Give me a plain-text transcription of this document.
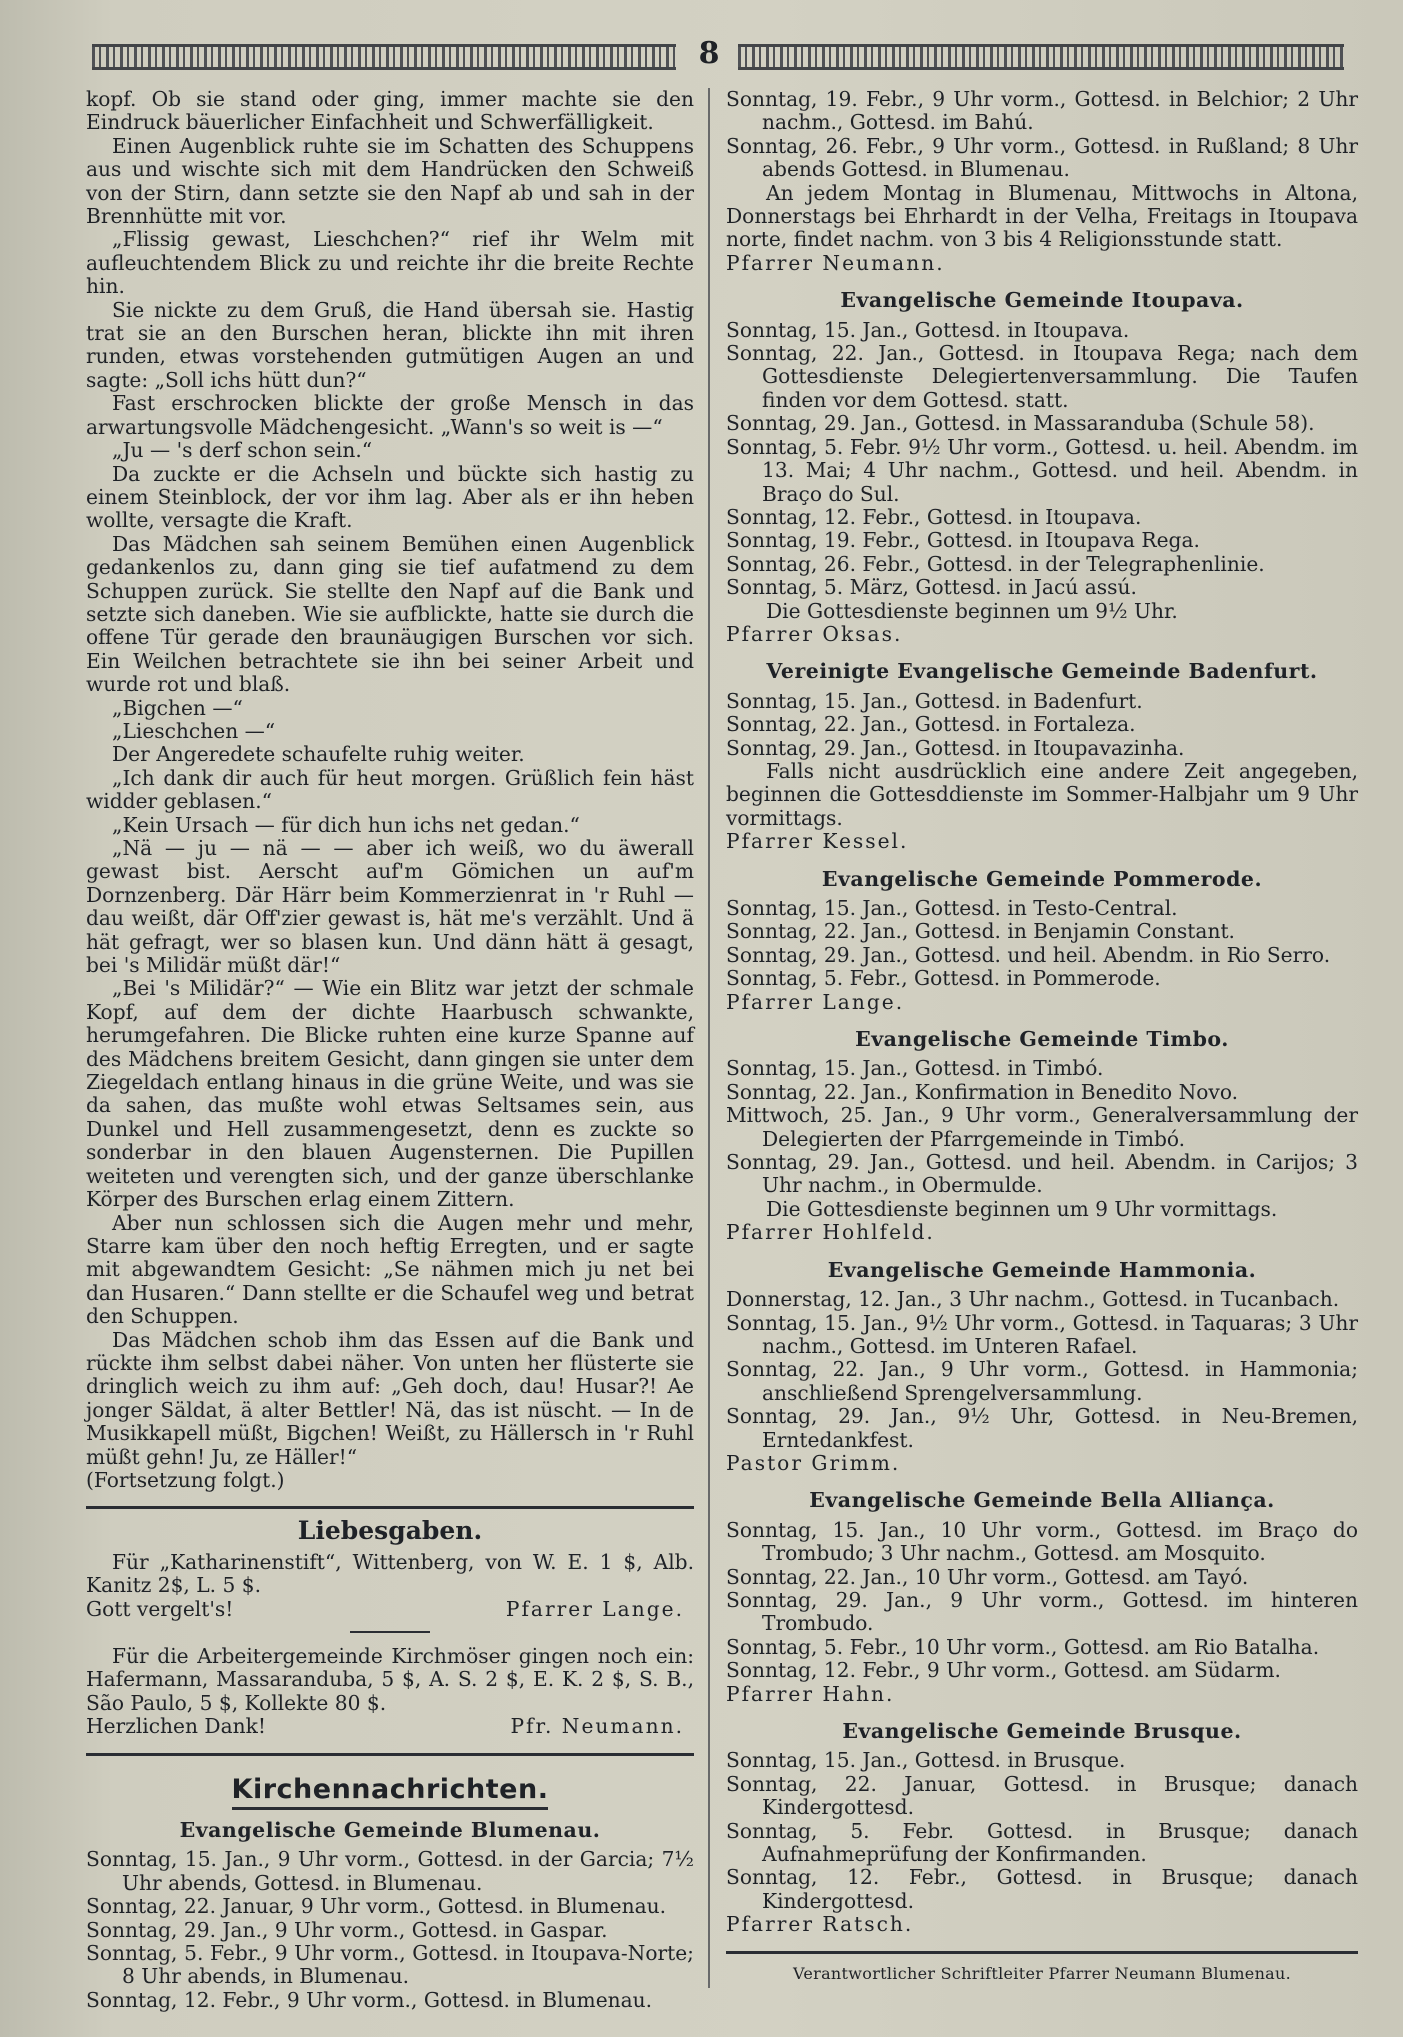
8

kopf. Ob sie stand oder ging, immer machte sie den Eindruck bäuerlicher Einfachheit und Schwerfälligkeit.

Einen Augenblick ruhte sie im Schatten des Schuppens aus und wischte sich mit dem Handrücken den Schweiß von der Stirn, dann setzte sie den Napf ab und sah in der Brennhütte mit vor.

„Flissig gewast, Lieschchen?“ rief ihr Welm mit aufleuchtendem Blick zu und reichte ihr die breite Rechte hin.

Sie nickte zu dem Gruß, die Hand übersah sie. Hastig trat sie an den Burschen heran, blickte ihn mit ihren runden, etwas vorstehenden gutmütigen Augen an und sagte: „Soll ichs hütt dun?“

Fast erschrocken blickte der große Mensch in das arwartungsvolle Mädchengesicht. „Wann's so weit is —“

„Ju — 's derf schon sein.“

Da zuckte er die Achseln und bückte sich hastig zu einem Steinblock, der vor ihm lag. Aber als er ihn heben wollte, versagte die Kraft.

Das Mädchen sah seinem Bemühen einen Augenblick gedankenlos zu, dann ging sie tief aufatmend zu dem Schuppen zurück. Sie stellte den Napf auf die Bank und setzte sich daneben. Wie sie aufblickte, hatte sie durch die offene Tür gerade den braunäugigen Burschen vor sich. Ein Weilchen betrachtete sie ihn bei seiner Arbeit und wurde rot und blaß.

„Bigchen —“

„Lieschchen —“

Der Angeredete schaufelte ruhig weiter.

„Ich dank dir auch für heut morgen. Grüßlich fein häst widder geblasen.“

„Kein Ursach — für dich hun ichs net gedan.“

„Nä — ju — nä — — aber ich weiß, wo du äwerall gewast bist. Aerscht auf'm Gömichen un auf'm Dornzenberg. Där Härr beim Kommerzienrat in 'r Ruhl — dau weißt, där Off'zier gewast is, hät me's verzählt. Und ä hät gefragt, wer so blasen kun. Und dänn hätt ä gesagt, bei 's Milidär müßt där!“

„Bei 's Milidär?“ — Wie ein Blitz war jetzt der schmale Kopf, auf dem der dichte Haarbusch schwankte, herumgefahren. Die Blicke ruhten eine kurze Spanne auf des Mädchens breitem Gesicht, dann gingen sie unter dem Ziegeldach entlang hinaus in die grüne Weite, und was sie da sahen, das mußte wohl etwas Seltsames sein, aus Dunkel und Hell zusammengesetzt, denn es zuckte so sonderbar in den blauen Augensternen. Die Pupillen weiteten und verengten sich, und der ganze überschlanke Körper des Burschen erlag einem Zittern.

Aber nun schlossen sich die Augen mehr und mehr, Starre kam über den noch heftig Erregten, und er sagte mit abgewandtem Gesicht: „Se nähmen mich ju net bei dan Husaren.“ Dann stellte er die Schaufel weg und betrat den Schuppen.

Das Mädchen schob ihm das Essen auf die Bank und rückte ihm selbst dabei näher. Von unten her flüsterte sie dringlich weich zu ihm auf: „Geh doch, dau! Husar?! Ae jonger Säldat, ä alter Bettler! Nä, das ist nüscht. — In de Musikkapell müßt, Bigchen! Weißt, zu Hällersch in 'r Ruhl müßt gehn! Ju, ze Häller!“

(Fortsetzung folgt.)

Liebesgaben.

Für „Katharinenstift“, Wittenberg, von W. E. 1 $, Alb. Kanitz 2$, L. 5 $.

Gott vergelt's!	Pfarrer Lange.

Für die Arbeitergemeinde Kirchmöser gingen noch ein: Hafermann, Massaranduba, 5 $, A. S. 2 $, E. K. 2 $, S. B., São Paulo, 5 $, Kollekte 80 $.

Herzlichen Dank!	Pfr. Neumann.
Kirchennachrichten.
Evangelische Gemeinde Blumenau.

Sonntag, 15. Jan., 9 Uhr vorm., Gottesd. in der Garcia; 7½ Uhr abends, Gottesd. in Blumenau.

Sonntag, 22. Januar, 9 Uhr vorm., Gottesd. in Blumenau.

Sonntag, 29. Jan., 9 Uhr vorm., Gottesd. in Gaspar.

Sonntag, 5. Febr., 9 Uhr vorm., Gottesd. in Itoupava-Norte; 8 Uhr abends, in Blumenau.

Sonntag, 12. Febr., 9 Uhr vorm., Gottesd. in Blumenau.

Sonntag, 19. Febr., 9 Uhr vorm., Gottesd. in Belchior; 2 Uhr nachm., Gottesd. im Bahú.

Sonntag, 26. Febr., 9 Uhr vorm., Gottesd. in Rußland; 8 Uhr abends Gottesd. in Blumenau.

An jedem Montag in Blumenau, Mittwochs in Altona, Donnerstags bei Ehrhardt in der Velha, Freitags in Itoupava norte, findet nachm. von 3 bis 4 Religionsstunde statt.

Pfarrer Neumann.

Evangelische Gemeinde Itoupava.

Sonntag, 15. Jan., Gottesd. in Itoupava.

Sonntag, 22. Jan., Gottesd. in Itoupava Rega; nach dem Gottesdienste Delegiertenversammlung. Die Taufen finden vor dem Gottesd. statt.

Sonntag, 29. Jan., Gottesd. in Massaranduba (Schule 58).

Sonntag, 5. Febr. 9½ Uhr vorm., Gottesd. u. heil. Abendm. im 13. Mai; 4 Uhr nachm., Gottesd. und heil. Abendm. in Braço do Sul.

Sonntag, 12. Febr., Gottesd. in Itoupava.

Sonntag, 19. Febr., Gottesd. in Itoupava Rega.

Sonntag, 26. Febr., Gottesd. in der Telegraphenlinie.

Sonntag, 5. März, Gottesd. in Jacú assú.

Die Gottesdienste beginnen um 9½ Uhr.

Pfarrer Oksas.

Vereinigte Evangelische Gemeinde Badenfurt.

Sonntag, 15. Jan., Gottesd. in Badenfurt.

Sonntag, 22. Jan., Gottesd. in Fortaleza.

Sonntag, 29. Jan., Gottesd. in Itoupavazinha.

Falls nicht ausdrücklich eine andere Zeit angegeben, beginnen die Gottesddienste im Sommer-Halbjahr um 9 Uhr vormittags.

Pfarrer Kessel.

Evangelische Gemeinde Pommerode.

Sonntag, 15. Jan., Gottesd. in Testo-Central.

Sonntag, 22. Jan., Gottesd. in Benjamin Constant.

Sonntag, 29. Jan., Gottesd. und heil. Abendm. in Rio Serro.

Sonntag, 5. Febr., Gottesd. in Pommerode.

Pfarrer Lange.

Evangelische Gemeinde Timbo.

Sonntag, 15. Jan., Gottesd. in Timbó.

Sonntag, 22. Jan., Konfirmation in Benedito Novo.

Mittwoch, 25. Jan., 9 Uhr vorm., Generalversammlung der Delegierten der Pfarrgemeinde in Timbó.

Sonntag, 29. Jan., Gottesd. und heil. Abendm. in Carijos; 3 Uhr nachm., in Obermulde.

Die Gottesdienste beginnen um 9 Uhr vormittags.

Pfarrer Hohlfeld.

Evangelische Gemeinde Hammonia.

Donnerstag, 12. Jan., 3 Uhr nachm., Gottesd. in Tucanbach.

Sonntag, 15. Jan., 9½ Uhr vorm., Gottesd. in Taquaras; 3 Uhr nachm., Gottesd. im Unteren Rafael.

Sonntag, 22. Jan., 9 Uhr vorm., Gottesd. in Hammonia; anschließend Sprengelversammlung.

Sonntag, 29. Jan., 9½ Uhr, Gottesd. in Neu-Bremen, Erntedankfest.

Pastor Grimm.

Evangelische Gemeinde Bella Alliança.

Sonntag, 15. Jan., 10 Uhr vorm., Gottesd. im Braço do Trombudo; 3 Uhr nachm., Gottesd. am Mosquito.

Sonntag, 22. Jan., 10 Uhr vorm., Gottesd. am Tayó.

Sonntag, 29. Jan., 9 Uhr vorm., Gottesd. im hinteren Trombudo.

Sonntag, 5. Febr., 10 Uhr vorm., Gottesd. am Rio Batalha.

Sonntag, 12. Febr., 9 Uhr vorm., Gottesd. am Südarm.

Pfarrer Hahn.

Evangelische Gemeinde Brusque.

Sonntag, 15. Jan., Gottesd. in Brusque.

Sonntag, 22. Januar, Gottesd. in Brusque; danach Kindergottesd.

Sonntag, 5. Febr. Gottesd. in Brusque; danach Aufnahmeprüfung der Konfirmanden.

Sonntag, 12. Febr., Gottesd. in Brusque; danach Kindergottesd.

Pfarrer Ratsch.

Verantwortlicher Schriftleiter Pfarrer Neumann Blumenau.
